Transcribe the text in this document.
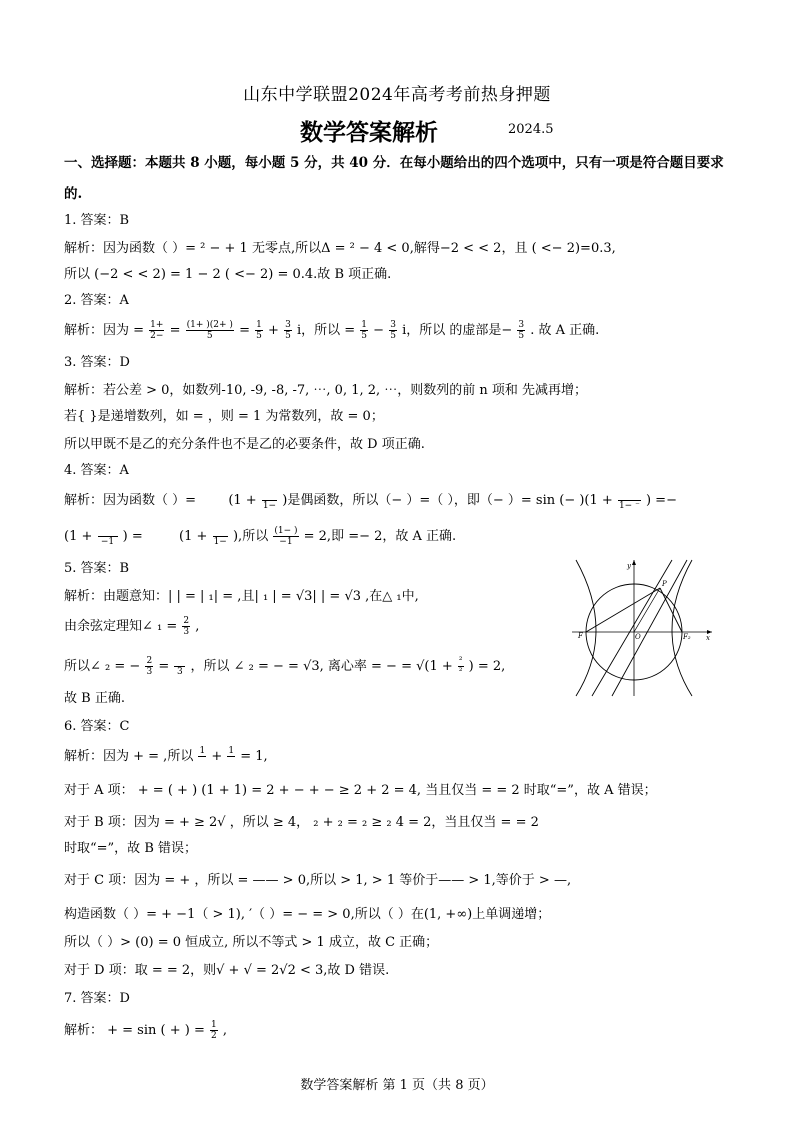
山东中学联盟2024年高考考前热身押题
数学答案解析	2024.5
一、选择题：本题共 8 小题，每小题 5 分，共 40 分．在每小题给出的四个选项中，只有一项是符合题目要求
的.
1. 答案：B
解析：因为函数（ ）= ² − + 1 无零点,所以Δ = ² − 4 < 0,解得−2 < < 2，且 ( <− 2)=0.3,
所以 (−2 < < 2) = 1 − 2 ( <− 2) = 0.4.故 B 项正确.
2. 答案：A
解析：因为 = $\frac{1+}{2-} = \frac{(1+ )(2+ )}{5} = \frac{1}{5} + \frac{3}{5}$ i，所以 = $\frac{1}{5} - \frac{3}{5}$ i，所以 的虚部是− $\frac{3}{5}$ . 故 A 正确.
3. 答案：D
解析：若公差 > 0，如数列-10, -9, -8, -7, ⋯, 0, 1, 2, ⋯，则数列的前 n 项和 先减再增；
若{ }是递增数列，如 = ，则 = 1 为常数列，故 = 0；
所以甲既不是乙的充分条件也不是乙的必要条件，故 D 项正确.
4. 答案：A
解析：因为函数（ ）= (1 +
  1− )是偶函数，所以（− ）=（ ），即（− ）= sin (− )(1 +
  1− ⁻ ) =−
(1 +
   −1 ) =	(1 +
  1− ),所以 $\frac{(1- )}{-1} = 2$,即 =− 2，故 A 正确.
5. 答案：B
解析：由题意知：| | = | ₁| = ,且| ₁ | = √3| | = √3 ,在△ ₁中,
由余弦定理知∠ $_1 = \frac{2}{3}$ ,
所以∠ ₂ = − $\frac{2}{3}$ =
  3 ，所以 ∠ ₂ = − = √3, 离心率 = − = $√(1 + \frac{\text{²}}{\text{²}}$ ) = 2,
故 B 正确.
y
P
F	O	F₂ x
6. 答案：C
解析：因为 + = ,所以 1
  + 1
  = 1,
对于 A 项： + = ( + ) (1 + 1) = 2 + − + − ≥ 2 + 2 = 4, 当且仅当 = = 2 时取“=”，故 A 错误；
对于 B 项：因为 = + ≥ 2√ ，所以 ≥ 4， ₂ + ₂ = ₂ ≥ ₂ 4 = 2，当且仅当 = = 2
时取“=”，故 B 错误；
对于 C 项：因为 = + ，所以 = —— > 0,所以 > 1, > 1 等价于—— > 1,等价于 > —,
构造函数（ ）= + −1（ > 1), ′（ ）= − = > 0,所以（ ）在(1, +∞)上单调递增；
所以（ ）> (0) = 0 恒成立, 所以不等式 > 1 成立，故 C 正确；
对于 D 项：取 = = 2，则√ + √ = 2√2 < 3,故 D 错误.
7. 答案：D
解析： + = sin ( + ) = $\frac{1}{2}$ ,
数学答案解析 第 1 页（共 8 页）
